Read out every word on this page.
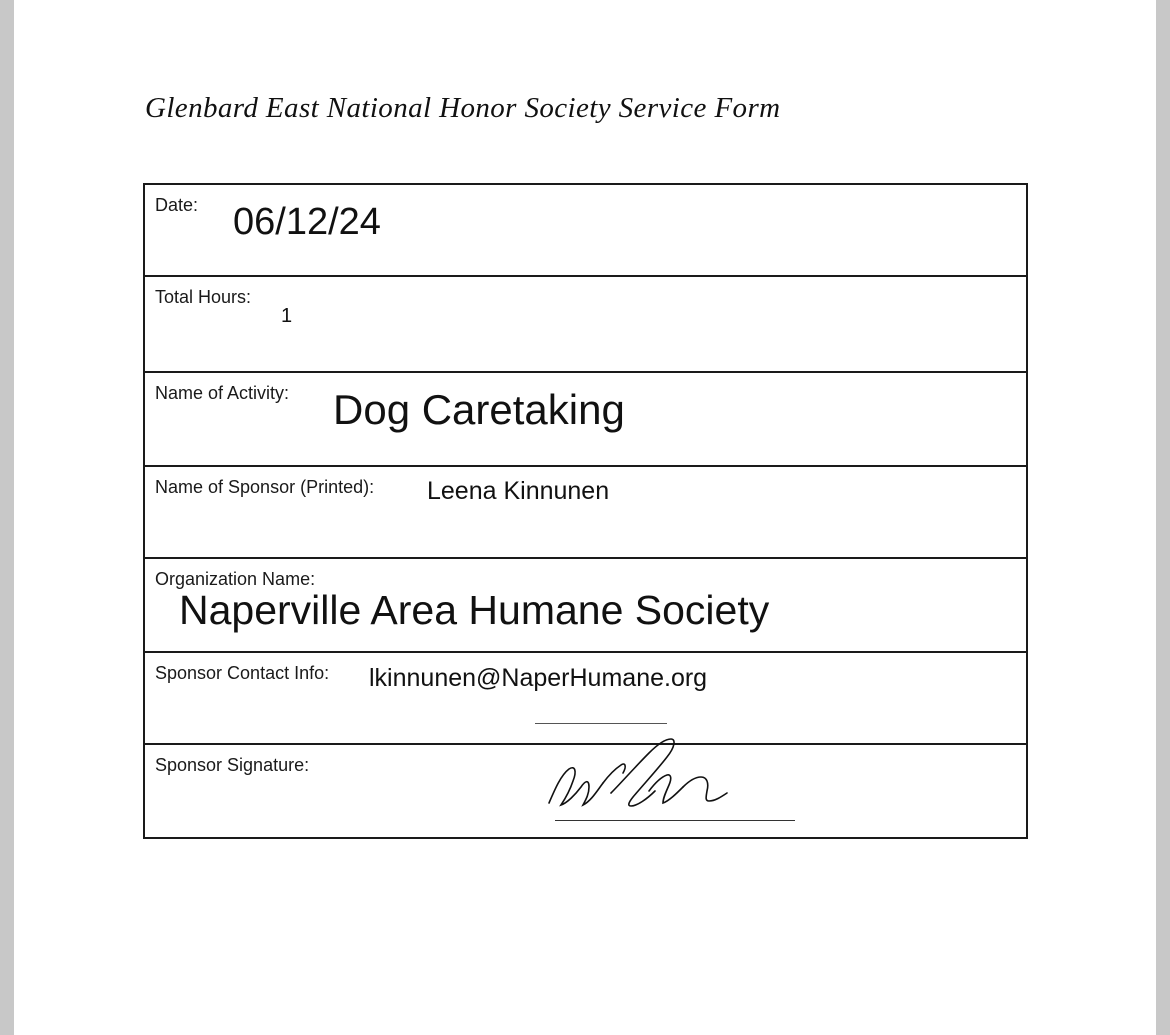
Glenbard East National Honor Society Service Form
Date: 06/12/24
Total Hours:
1
Name of Activity: Dog Caretaking
Name of Sponsor (Printed): Leena Kinnunen
Organization Name:
Naperville Area Humane Society
Sponsor Contact Info: lkinnunen@NaperHumane.org
Sponsor Signature:
